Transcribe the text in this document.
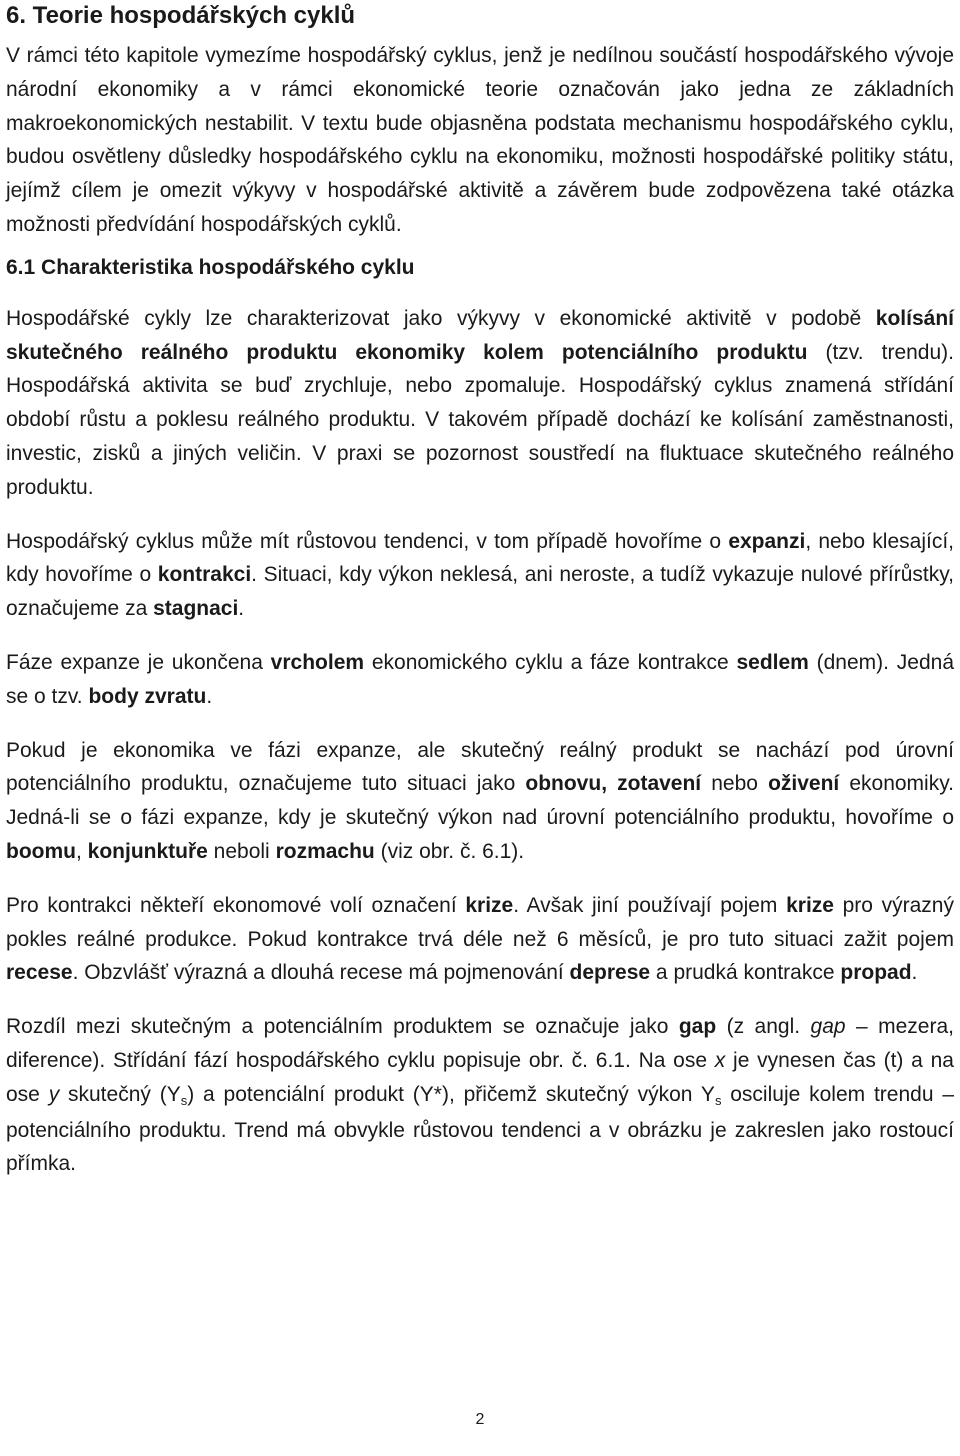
6. Teorie hospodářských cyklů

V rámci této kapitole vymezíme hospodářský cyklus, jenž je nedílnou součástí hospodářského vývoje národní ekonomiky a v rámci ekonomické teorie označován jako jedna ze základních makroekonomických nestabilit. V textu bude objasněna podstata mechanismu hospodářského cyklu, budou osvětleny důsledky hospodářského cyklu na ekonomiku, možnosti hospodářské politiky státu, jejímž cílem je omezit výkyvy v hospodářské aktivitě a závěrem bude zodpovězena také otázka možnosti předvídání hospodářských cyklů.

6.1 Charakteristika hospodářského cyklu

Hospodářské cykly lze charakterizovat jako výkyvy v ekonomické aktivitě v podobě kolísání skutečného reálného produktu ekonomiky kolem potenciálního produktu (tzv. trendu). Hospodářská aktivita se buď zrychluje, nebo zpomaluje. Hospodářský cyklus znamená střídání období růstu a poklesu reálného produktu. V takovém případě dochází ke kolísání zaměstnanosti, investic, zisků a jiných veličin. V praxi se pozornost soustředí na fluktuace skutečného reálného produktu.

Hospodářský cyklus může mít růstovou tendenci, v tom případě hovoříme o expanzi, nebo klesající, kdy hovoříme o kontrakci. Situaci, kdy výkon neklesá, ani neroste, a tudíž vykazuje nulové přírůstky, označujeme za stagnaci.

Fáze expanze je ukončena vrcholem ekonomického cyklu a fáze kontrakce sedlem (dnem). Jedná se o tzv. body zvratu.

Pokud je ekonomika ve fázi expanze, ale skutečný reálný produkt se nachází pod úrovní potenciálního produktu, označujeme tuto situaci jako obnovu, zotavení nebo oživení ekonomiky. Jedná-li se o fázi expanze, kdy je skutečný výkon nad úrovní potenciálního produktu, hovoříme o boomu, konjunktuře neboli rozmachu (viz obr. č. 6.1).

Pro kontrakci někteří ekonomové volí označení krize. Avšak jiní používají pojem krize pro výrazný pokles reálné produkce. Pokud kontrakce trvá déle než 6 měsíců, je pro tuto situaci zažit pojem recese. Obzvlášť výrazná a dlouhá recese má pojmenování deprese a prudká kontrakce propad.

Rozdíl mezi skutečným a potenciálním produktem se označuje jako gap (z angl. gap – mezera, diference). Střídání fází hospodářského cyklu popisuje obr. č. 6.1. Na ose x je vynesen čas (t) a na ose y skutečný $(Y_s)$ a potenciální produkt (Y*), přičemž skutečný výkon $Y_s$ osciluje kolem trendu – potenciálního produktu. Trend má obvykle růstovou tendenci a v obrázku je zakreslen jako rostoucí přímka.

2
